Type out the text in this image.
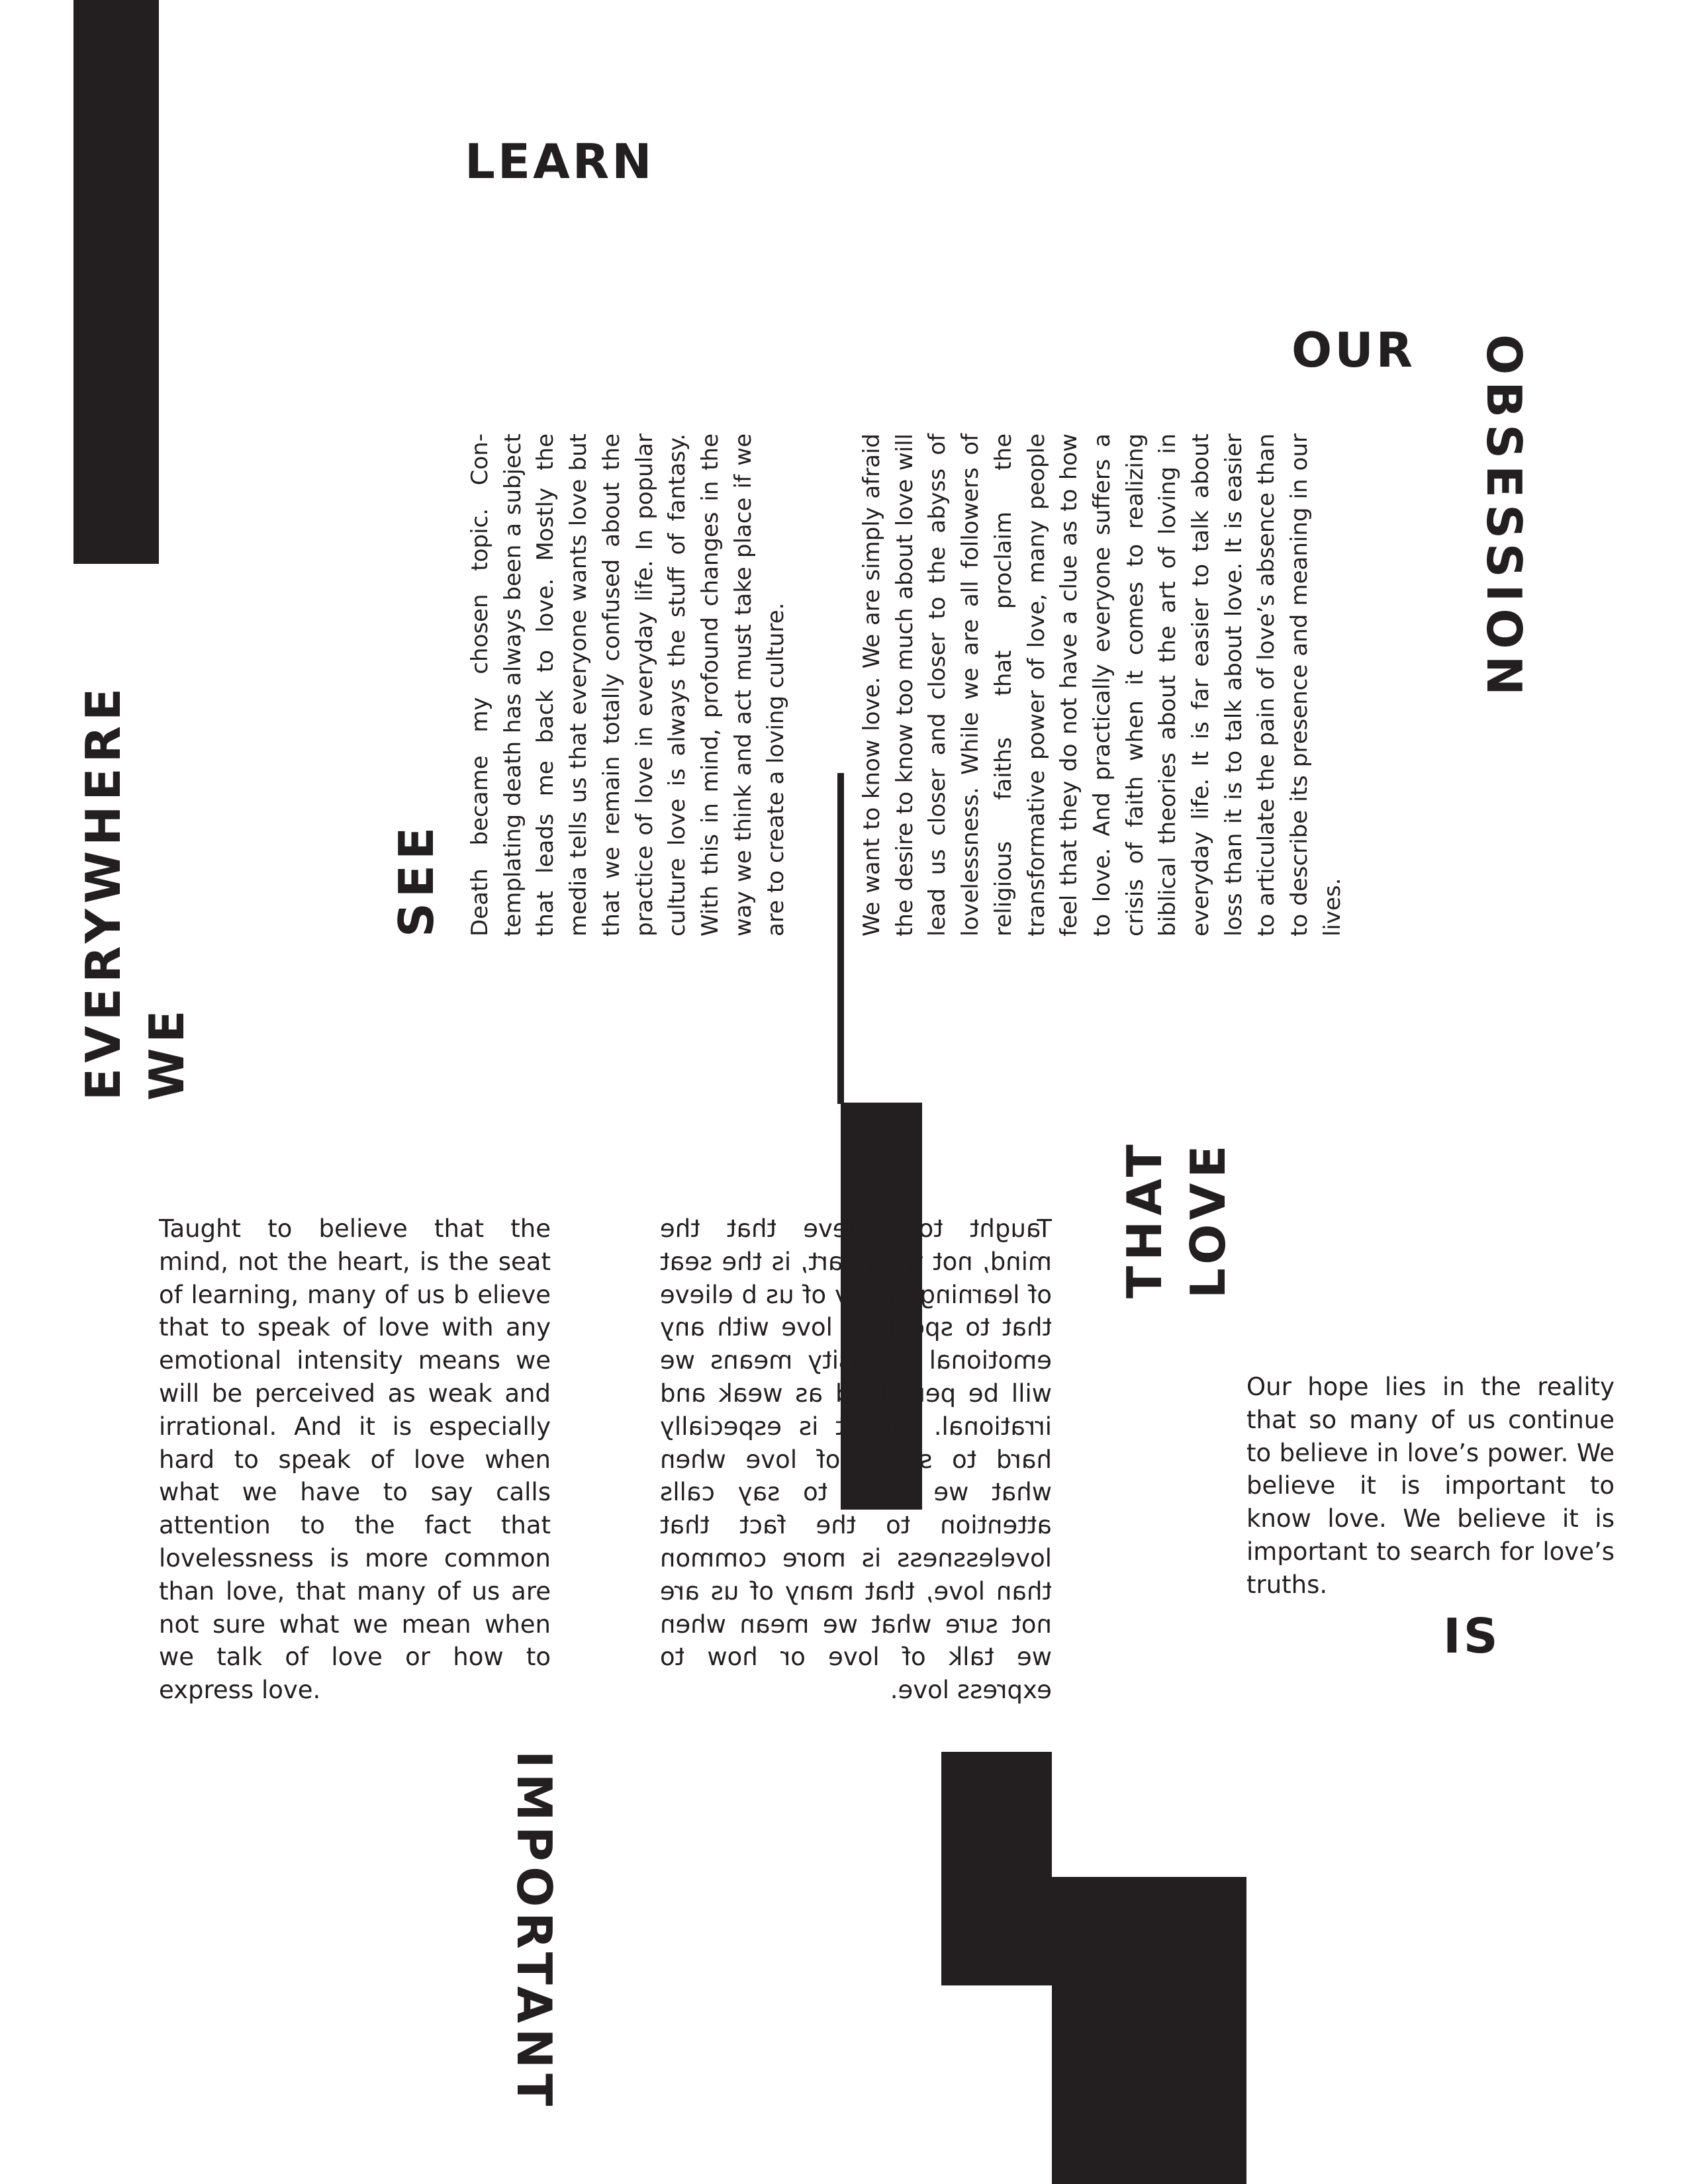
LEARN
OUR
IS
OBSESSION
EVERYWHERE WE
SEE
THAT LOVE
IMPORTANT
Death became my chosen topic. Contemplating death has always been a subject that leads me back to love. Mostly the media tells us that everyone wants love but that we remain totally confused about the practice of love in everyday life. In popular culture love is always the stuff of fantasy. With this in mind, profound changes in the way we think and act must take place if we are to create a loving culture.	We want to know love. We are simply afraid the desire to know too much about love will lead us closer and closer to the abyss of lovelessness. While we are all followers of religious faiths that proclaim the transformative power of love, many people feel that they do not have a clue as to how to love. And practically everyone suffers a crisis of faith when it comes to realizing biblical theories about the art of loving in everyday life. It is far easier to talk about loss than it is to talk about love. It is easier to articulate the pain of love’s absence than to describe its presence and meaning in our lives.
Taught to believe that the mind, not the heart, is the seat of learning, many of us b elieve that to speak of love with any emotional intensity means we will be perceived as weak and irrational. And it is especially hard to speak of love when what we have to say calls attention to the fact that lovelessness is more common than love, that many of us are not sure what we mean when we talk of love or how to express love.
Taught to believe that the mind, not the heart, is the seat of learning, many of us b elieve that to speak of love with any emotional intensity means we will be perceived as weak and irrational. And it is especially hard to speak of love when what we have to say calls attention to the fact that lovelessness is more common than love, that many of us are not sure what we mean when we talk of love or how to express love.
Our hope lies in the reality that so many of us continue to believe in love’s power. We believe it is important to know love. We believe it is important to search for love’s truths.
